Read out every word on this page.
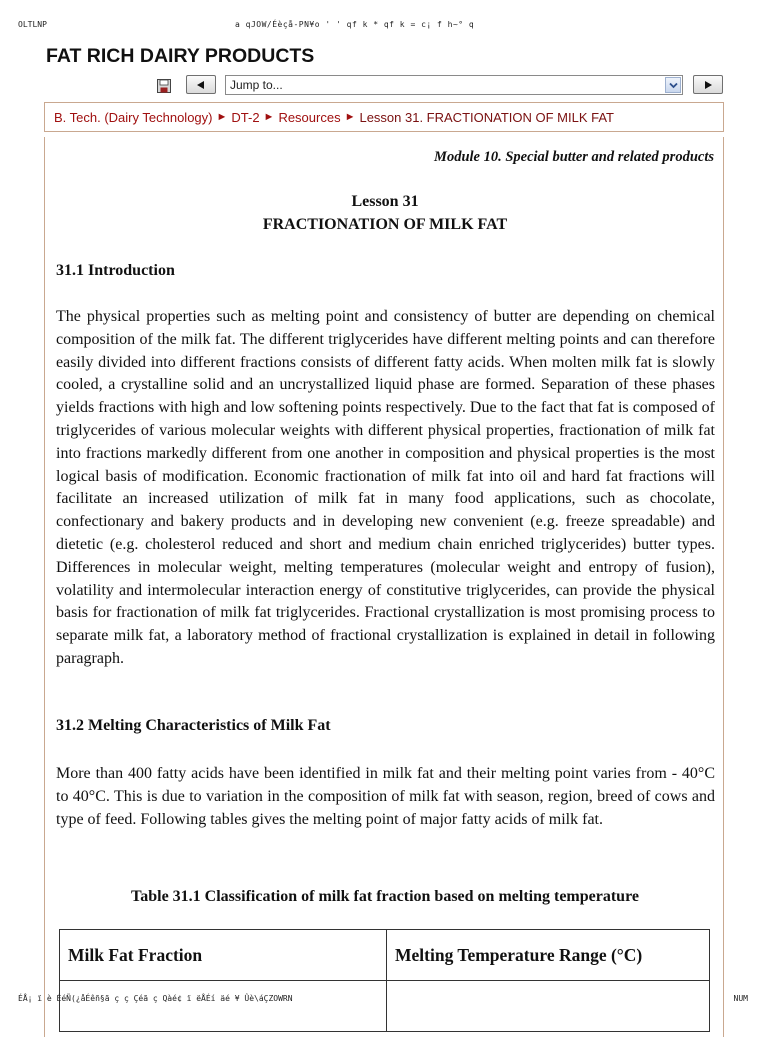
OLTLNP	a qJOW/Éèçå-PN¥o ' ' qf k * qf k = c¡ f h~° q
FAT RICH DAIRY PRODUCTS
Jump to...
B. Tech. (Dairy Technology) ► DT-2 ► Resources ► Lesson 31. FRACTIONATION OF MILK FAT
Module 10. Special butter and related products
Lesson 31
FRACTIONATION OF MILK FAT
31.1 Introduction

The physical properties such as melting point and consistency of butter are depending on chemical composition of the milk fat. The different triglycerides have different melting points and can therefore easily divided into different fractions consists of different fatty acids. When molten milk fat is slowly cooled, a crystalline solid and an uncrystallized liquid phase are formed. Separation of these phases yields fractions with high and low softening points respectively. Due to the fact that fat is composed of triglycerides of various molecular weights with different physical properties, fractionation of milk fat into fractions markedly different from one another in composition and physical properties is the most logical basis of modification. Economic fractionation of milk fat into oil and hard fat fractions will facilitate an increased utilization of milk fat in many food applications, such as chocolate, confectionary and bakery products and in developing new convenient (e.g. freeze spreadable) and dietetic (e.g. cholesterol reduced and short and medium chain enriched triglycerides) butter types. Differences in molecular weight, melting temperatures (molecular weight and entropy of fusion), volatility and intermolecular interaction energy of constitutive triglycerides, can provide the physical basis for fractionation of milk fat triglycerides. Fractional crystallization is most promising process to separate milk fat, a laboratory method of fractional crystallization is explained in detail in following paragraph.

31.2 Melting Characteristics of Milk Fat

More than 400 fatty acids have been identified in milk fat and their melting point varies from - 40°C to 40°C. This is due to variation in the composition of milk fat with season, region, breed of cows and type of feed. Following tables gives the melting point of major fatty acids of milk fat.

Table 31.1 Classification of milk fat fraction based on melting temperature
Milk Fat Fraction	Melting Temperature Range (°C)

ÉÅ¡ ï è ÉéÑ(¿åÉêñ§ã ç ç Çéã ç Qàé¢ ï ëÅÉí äé ¥ Ûè\áÇZOWRN	NUM
